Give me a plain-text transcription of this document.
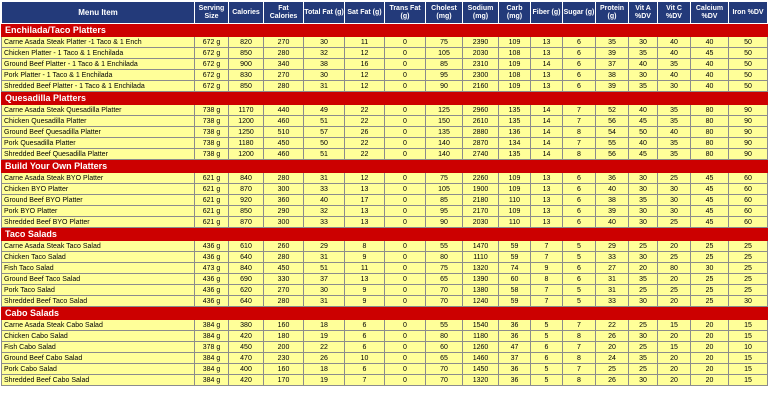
Menu Item	Serving Size	Calories	Fat Calories	Total Fat (g)	Sat Fat (g)	Trans Fat (g)	Cholest (mg)	Sodium (mg)	Carb (mg)	Fiber (g)	Sugar (g)	Protein (g)	Vit A %DV	Vit C %DV	Calcium %DV	Iron %DV
Enchilada/Taco Platters																
Carne Asada Steak Platter -1 Taco & 1 Ench	672 g	820	270	30	11	0	75	2390	109	13	6	35	30	40	40	50
Chicken Platter - 1 Taco & 1 Enchilada	672 g	850	280	32	12	0	105	2030	108	13	6	39	35	40	45	50
Ground Beef Platter - 1 Taco & 1 Enchilada	672 g	900	340	38	16	0	85	2310	109	14	6	37	40	35	40	50
Pork Platter - 1 Taco & 1 Enchilada	672 g	830	270	30	12	0	95	2300	108	13	6	38	30	40	40	50
Shredded Beef Platter - 1 Taco & 1 Enchilada	672 g	850	280	31	12	0	90	2160	109	13	6	39	35	30	40	50
Quesadilla Platters																
Carne Asada Steak Quesadilla Platter	738 g	1170	440	49	22	0	125	2960	135	14	7	52	40	35	80	90
Chicken Quesadilla Platter	738 g	1200	460	51	22	0	150	2610	135	14	7	56	45	35	80	90
Ground Beef Quesadilla Platter	738 g	1250	510	57	26	0	135	2880	136	14	8	54	50	40	80	90
Pork Quesadilla Platter	738 g	1180	450	50	22	0	140	2870	134	14	7	55	40	35	80	90
Shredded Beef Quesadilla Platter	738 g	1200	460	51	22	0	140	2740	135	14	8	56	45	35	80	90
Build Your Own Platters																
Carne Asada Steak BYO Platter	621 g	840	280	31	12	0	75	2260	109	13	6	36	30	25	45	60
Chicken BYO Platter	621 g	870	300	33	13	0	105	1900	109	13	6	40	30	30	45	60
Ground Beef BYO Platter	621 g	920	360	40	17	0	85	2180	110	13	6	38	35	30	45	60
Pork BYO Platter	621 g	850	290	32	13	0	95	2170	109	13	6	39	30	30	45	60
Shredded Beef BYO Platter	621 g	870	300	33	13	0	90	2030	110	13	6	40	30	25	45	60
Taco Salads																
Carne Asada Steak Taco Salad	436 g	610	260	29	8	0	55	1470	59	7	5	29	25	20	25	25
Chicken Taco Salad	436 g	640	280	31	9	0	80	1110	59	7	5	33	30	25	25	25
Fish Taco Salad	473 g	840	450	51	11	0	75	1320	74	9	6	27	20	80	30	25
Ground Beef Taco Salad	436 g	690	330	37	13	0	65	1390	60	8	6	31	35	20	25	25
Pork Taco Salad	436 g	620	270	30	9	0	70	1380	58	7	5	31	25	25	25	25
Shredded Beef Taco Salad	436 g	640	280	31	9	0	70	1240	59	7	5	33	30	20	25	30
Cabo Salads																
Carne Asada Steak Cabo Salad	384 g	380	160	18	6	0	55	1540	36	5	7	22	25	15	20	15
Chicken Cabo Salad	384 g	420	180	19	6	0	80	1180	36	5	8	26	30	20	20	15
Fish Cabo Salad	378 g	450	200	22	6	0	60	1260	47	6	7	20	25	15	20	10
Ground Beef Cabo Salad	384 g	470	230	26	10	0	65	1460	37	6	8	24	35	20	20	15
Pork Cabo Salad	384 g	400	160	18	6	0	70	1450	36	5	7	25	25	20	20	15
Shredded Beef Cabo Salad	384 g	420	170	19	7	0	70	1320	36	5	8	26	30	20	20	15
